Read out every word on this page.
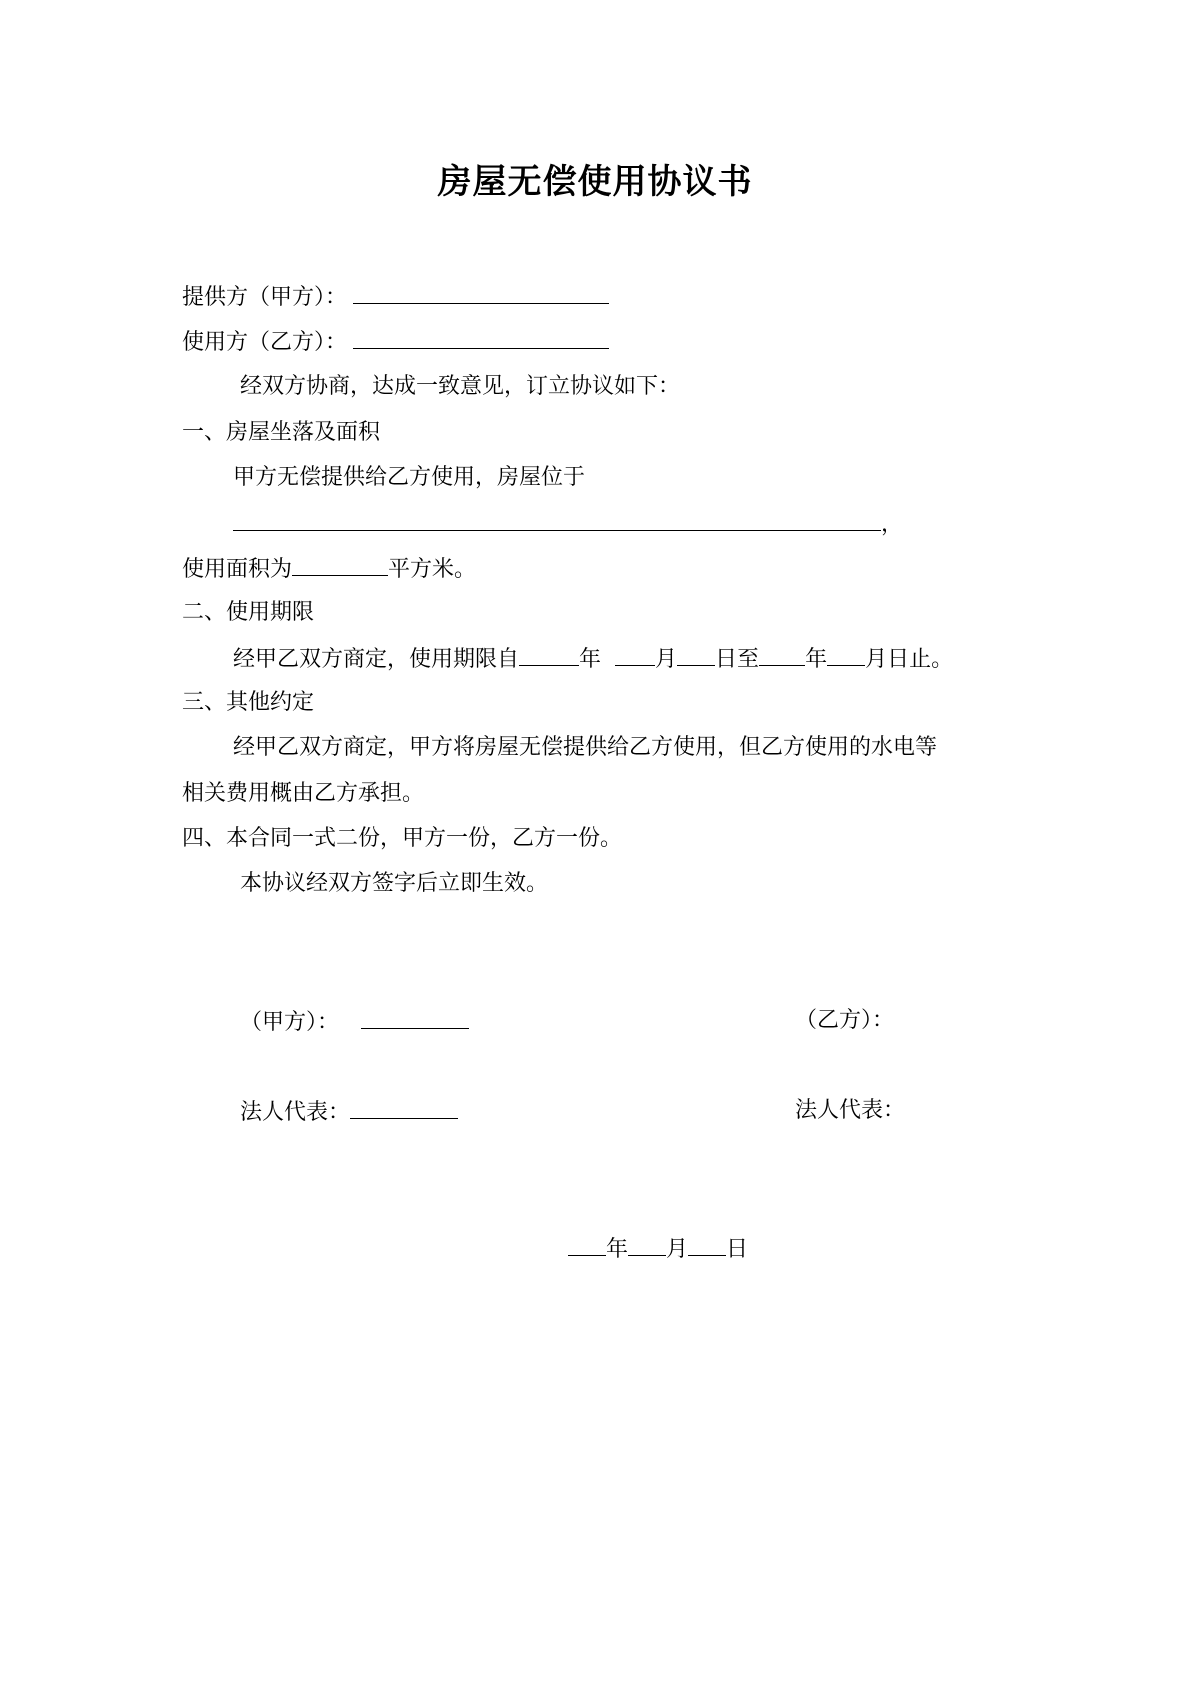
房屋无偿使用协议书
提供方（甲方）：
使用方（乙方）：
经双方协商，达成一致意见，订立协议如下：
一、房屋坐落及面积
甲方无偿提供给乙方使用，房屋位于
，
使用面积为	平方米。
二、使用期限
经甲乙双方商定，使用期限自	年 月 日至 年 月日止。
三、其他约定
经甲乙双方商定，甲方将房屋无偿提供给乙方使用，但乙方使用的水电等
相关费用概由乙方承担。
四、本合同一式二份，甲方一份，乙方一份。
本协议经双方签字后立即生效。
（甲方）：	（乙方）：
法人代表：	法人代表：
年 月 日
